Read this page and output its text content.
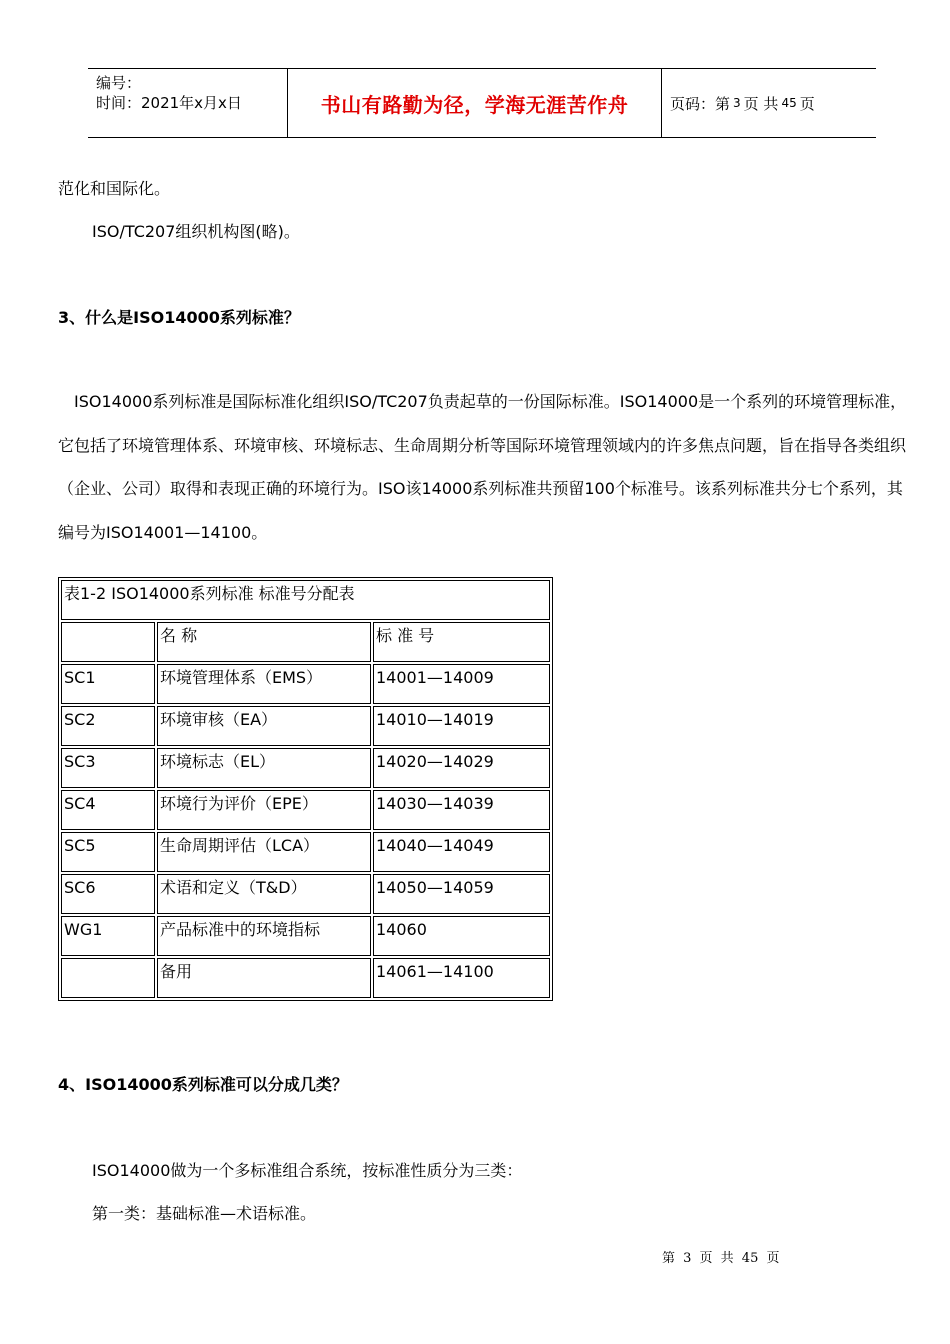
编号：
时间：2021年x月x日	书山有路勤为径，学海无涯苦作舟	页码：第 3 页 共 45 页
范化和国际化。
ISO/TC207组织机构图(略)。
3、什么是ISO14000系列标准？
ISO14000系列标准是国际标准化组织ISO/TC207负责起草的一份国际标准。ISO14000是一个系列的环境管理标准， 它包括了环境管理体系、环境审核、环境标志、生命周期分析等国际环境管理领域内的许多焦点问题，旨在指导各类组织（企业、公司）取得和表现正确的环境行为。ISO该14000系列标准共预留100个标准号。该系列标准共分七个系列，其编号为ISO14001—14100。
表1-2 ISO14000系列标准 标准号分配表		
	名 称	标 准 号
SC1	环境管理体系（EMS）	14001—14009
SC2	环境审核（EA）	14010—14019
SC3	环境标志（EL）	14020—14029
SC4	环境行为评价（EPE）	14030—14039
SC5	生命周期评估（LCA）	14040—14049
SC6	术语和定义（T&D）	14050—14059
WG1	产品标准中的环境指标	14060
	备用	14061—14100
4、ISO14000系列标准可以分成几类？
ISO14000做为一个多标准组合系统，按标准性质分为三类：
第一类：基础标准—术语标准。
第 3 页 共 45 页
